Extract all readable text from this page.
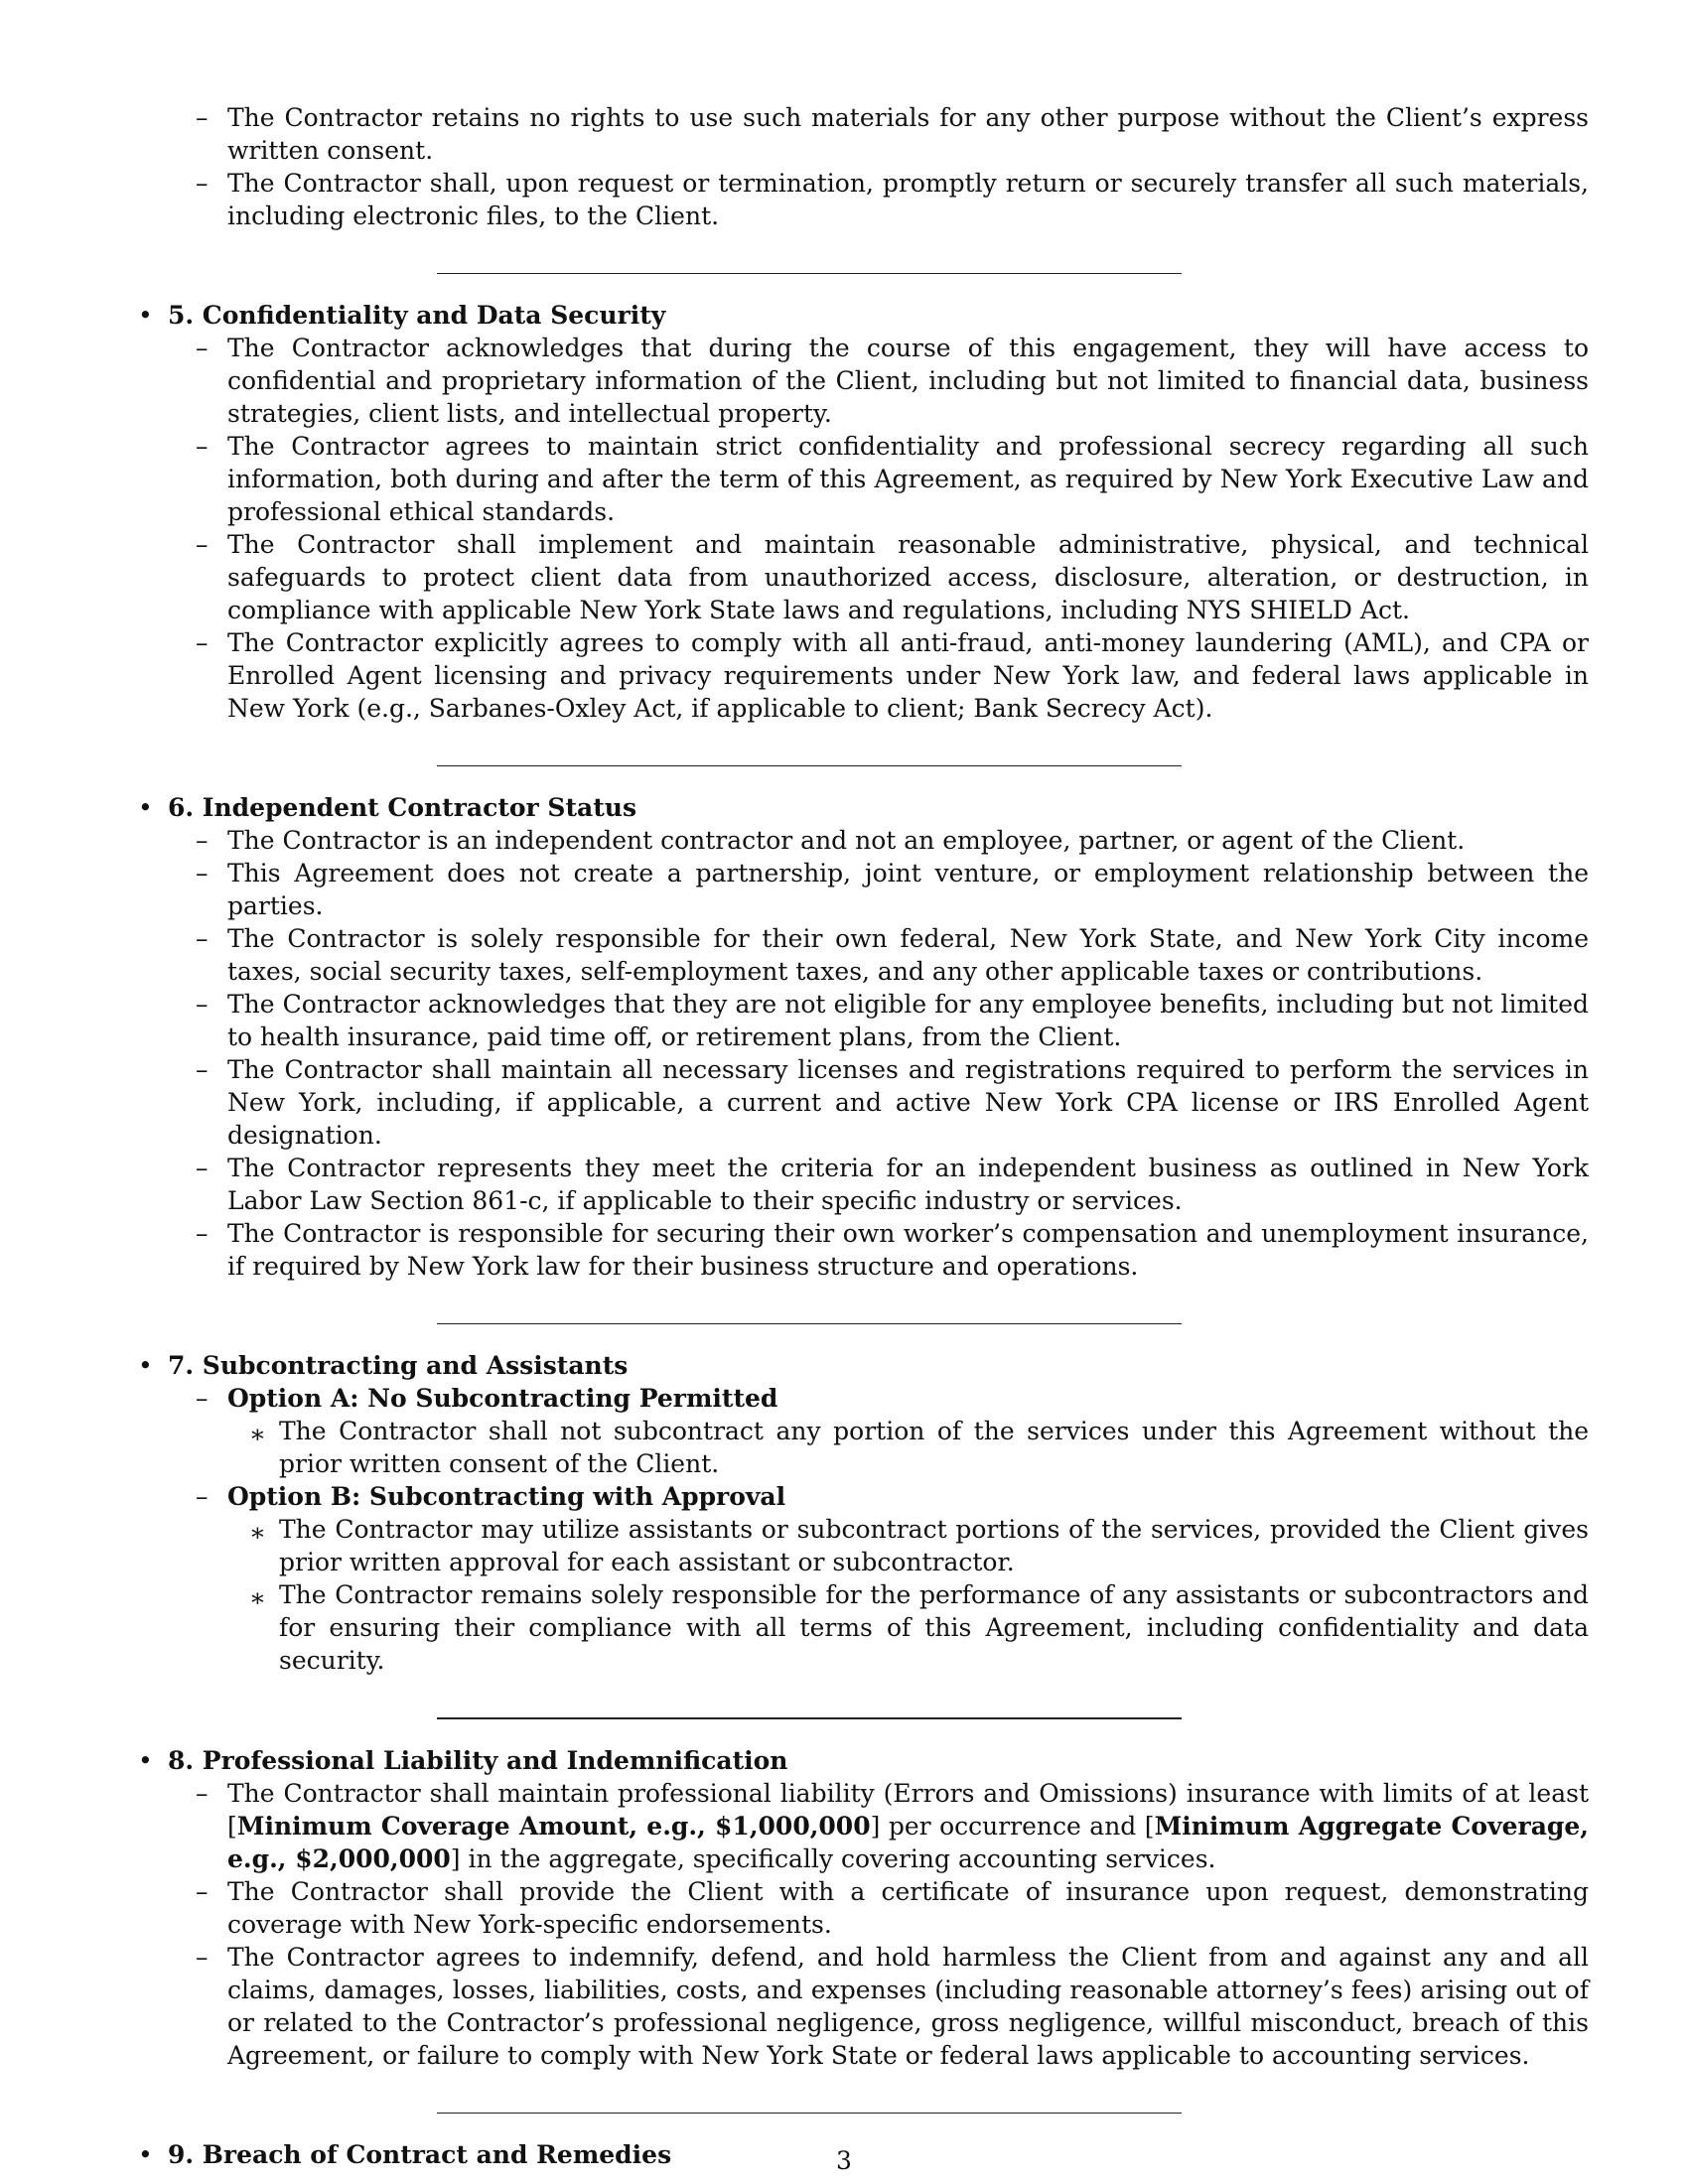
– The Contractor retains no rights to use such materials for any other purpose without the Client’s express written consent.
– The Contractor shall, upon request or termination, promptly return or securely transfer all such materials, including electronic files, to the Client.
• 5. Confidentiality and Data Security
– The Contractor acknowledges that during the course of this engagement, they will have access to confidential and proprietary information of the Client, including but not limited to financial data, business strategies, client lists, and intellectual property.
– The Contractor agrees to maintain strict confidentiality and professional secrecy regarding all such information, both during and after the term of this Agreement, as required by New York Executive Law and professional ethical standards.
– The Contractor shall implement and maintain reasonable administrative, physical, and technical safeguards to protect client data from unauthorized access, disclosure, alteration, or destruction, in compliance with applicable New York State laws and regulations, including NYS SHIELD Act.
– The Contractor explicitly agrees to comply with all anti-fraud, anti-money laundering (AML), and CPA or Enrolled Agent licensing and privacy requirements under New York law, and federal laws applicable in New York (e.g., Sarbanes-Oxley Act, if applicable to client; Bank Secrecy Act).
• 6. Independent Contractor Status
– The Contractor is an independent contractor and not an employee, partner, or agent of the Client.
– This Agreement does not create a partnership, joint venture, or employment relationship between the parties.
– The Contractor is solely responsible for their own federal, New York State, and New York City income taxes, social security taxes, self-employment taxes, and any other applicable taxes or contributions.
– The Contractor acknowledges that they are not eligible for any employee benefits, including but not limited to health insurance, paid time off, or retirement plans, from the Client.
– The Contractor shall maintain all necessary licenses and registrations required to perform the services in New York, including, if applicable, a current and active New York CPA license or IRS Enrolled Agent designation.
– The Contractor represents they meet the criteria for an independent business as outlined in New York Labor Law Section 861-c, if applicable to their specific industry or services.
– The Contractor is responsible for securing their own worker’s compensation and unemployment insurance, if required by New York law for their business structure and operations.
• 7. Subcontracting and Assistants
– Option A: No Subcontracting Permitted
∗ The Contractor shall not subcontract any portion of the services under this Agreement without the prior written consent of the Client.
– Option B: Subcontracting with Approval
∗ The Contractor may utilize assistants or subcontract portions of the services, provided the Client gives prior written approval for each assistant or subcontractor.
∗ The Contractor remains solely responsible for the performance of any assistants or subcontractors and for ensuring their compliance with all terms of this Agreement, including confidentiality and data security.
• 8. Professional Liability and Indemnification
– The Contractor shall maintain professional liability (Errors and Omissions) insurance with limits of at least [Minimum Coverage Amount, e.g., $1,000,000] per occurrence and [Minimum Aggregate Coverage, e.g., $2,000,000] in the aggregate, specifically covering accounting services.
– The Contractor shall provide the Client with a certificate of insurance upon request, demonstrating coverage with New York-specific endorsements.
– The Contractor agrees to indemnify, defend, and hold harmless the Client from and against any and all claims, damages, losses, liabilities, costs, and expenses (including reasonable attorney’s fees) arising out of or related to the Contractor’s professional negligence, gross negligence, willful misconduct, breach of this Agreement, or failure to comply with New York State or federal laws applicable to accounting services.
• 9. Breach of Contract and Remedies	3
